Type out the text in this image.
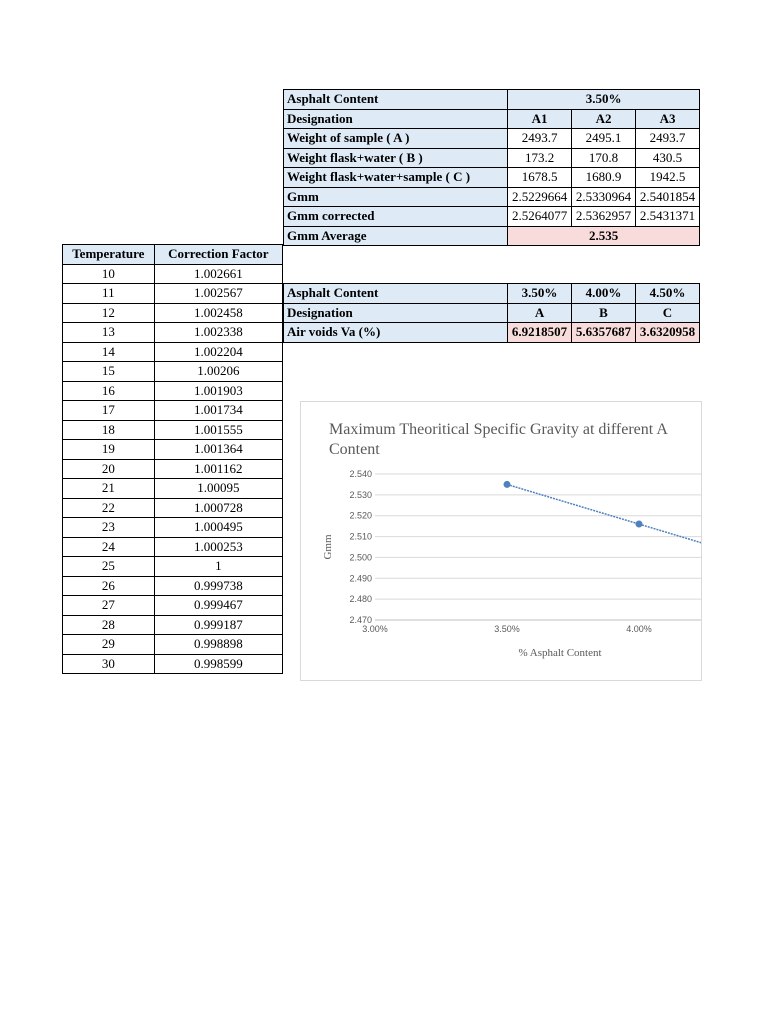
Asphalt Content	3.50%		
Designation	A1	A2	A3
Weight of sample ( A )	2493.7	2495.1	2493.7
Weight flask+water ( B )	173.2	170.8	430.5
Weight flask+water+sample ( C )	1678.5	1680.9	1942.5
Gmm	2.5229664	2.5330964	2.5401854
Gmm corrected	2.5264077	2.5362957	2.5431371
Gmm Average	2.535		
Temperature	Correction Factor
10	1.002661
11	1.002567
12	1.002458
13	1.002338
14	1.002204
15	1.00206
16	1.001903
17	1.001734
18	1.001555
19	1.001364
20	1.001162
21	1.00095
22	1.000728
23	1.000495
24	1.000253
25	1
26	0.999738
27	0.999467
28	0.999187
29	0.998898
30	0.998599
Asphalt Content	3.50%	4.00%	4.50%
Designation	A	B	C
Air voids Va (%)	6.9218507	5.6357687	3.6320958
Maximum Theoritical Specific Gravity at different A
Content
2.470
2.480
2.490
2.500
2.510
2.520
2.530
2.540
3.00%	3.50%	4.00%
% Asphalt Content
Gmm
